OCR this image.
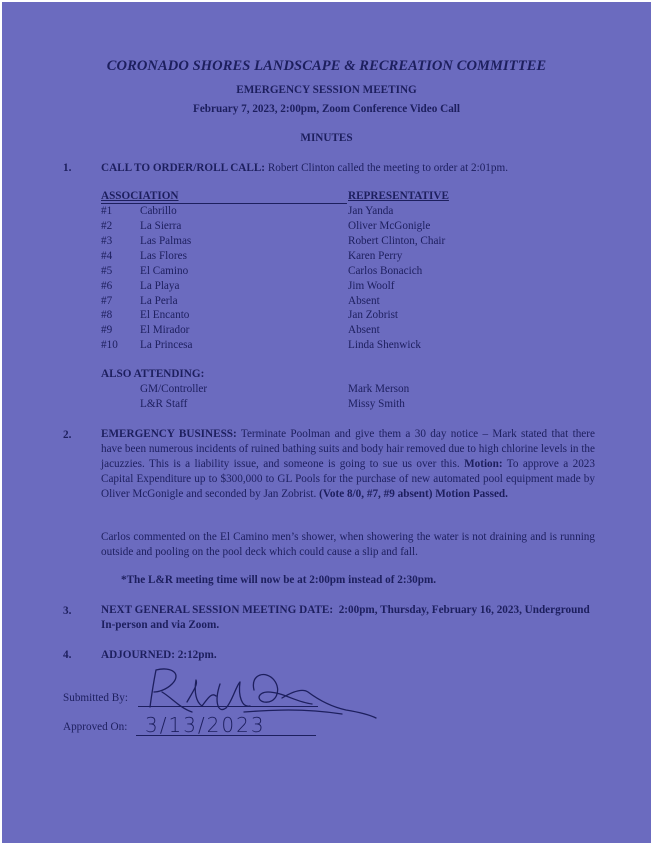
CORONADO SHORES LANDSCAPE & RECREATION COMMITTEE
EMERGENCY SESSION MEETING
February 7, 2023, 2:00pm, Zoom Conference Video Call
MINUTES
1.	CALL TO ORDER/ROLL CALL: Robert Clinton called the meeting to order at 2:01pm.
ASSOCIATION	REPRESENTATIVE
#1 Cabrillo	Jan Yanda
#2 La Sierra	Oliver McGonigle
#3 Las Palmas	Robert Clinton, Chair
#4 Las Flores	Karen Perry
#5 El Camino	Carlos Bonacich
#6 La Playa	Jim Woolf
#7 La Perla	Absent
#8 El Encanto	Jan Zobrist
#9 El Mirador	Absent
#10 La Princesa	Linda Shenwick
ALSO ATTENDING:
GM/Controller	Mark Merson
L&R Staff	Missy Smith
2.	EMERGENCY BUSINESS: Terminate Poolman and give them a 30 day notice – Mark stated that there have been numerous incidents of ruined bathing suits and body hair removed due to high chlorine levels in the jacuzzies. This is a liability issue, and someone is going to sue us over this. Motion: To approve a 2023 Capital Expenditure up to $300,000 to GL Pools for the purchase of new automated pool equipment made by Oliver McGonigle and seconded by Jan Zobrist. (Vote 8/0, #7, #9 absent) Motion Passed.
Carlos commented on the El Camino men’s shower, when showering the water is not draining and is running outside and pooling on the pool deck which could cause a slip and fall.
*The L&R meeting time will now be at 2:00pm instead of 2:30pm.
3.	NEXT GENERAL SESSION MEETING DATE: 2:00pm, Thursday, February 16, 2023, Underground In-person and via Zoom.
4.	ADJOURNED: 2:12pm.
Submitted By:
Approved On: 3/13/2023
